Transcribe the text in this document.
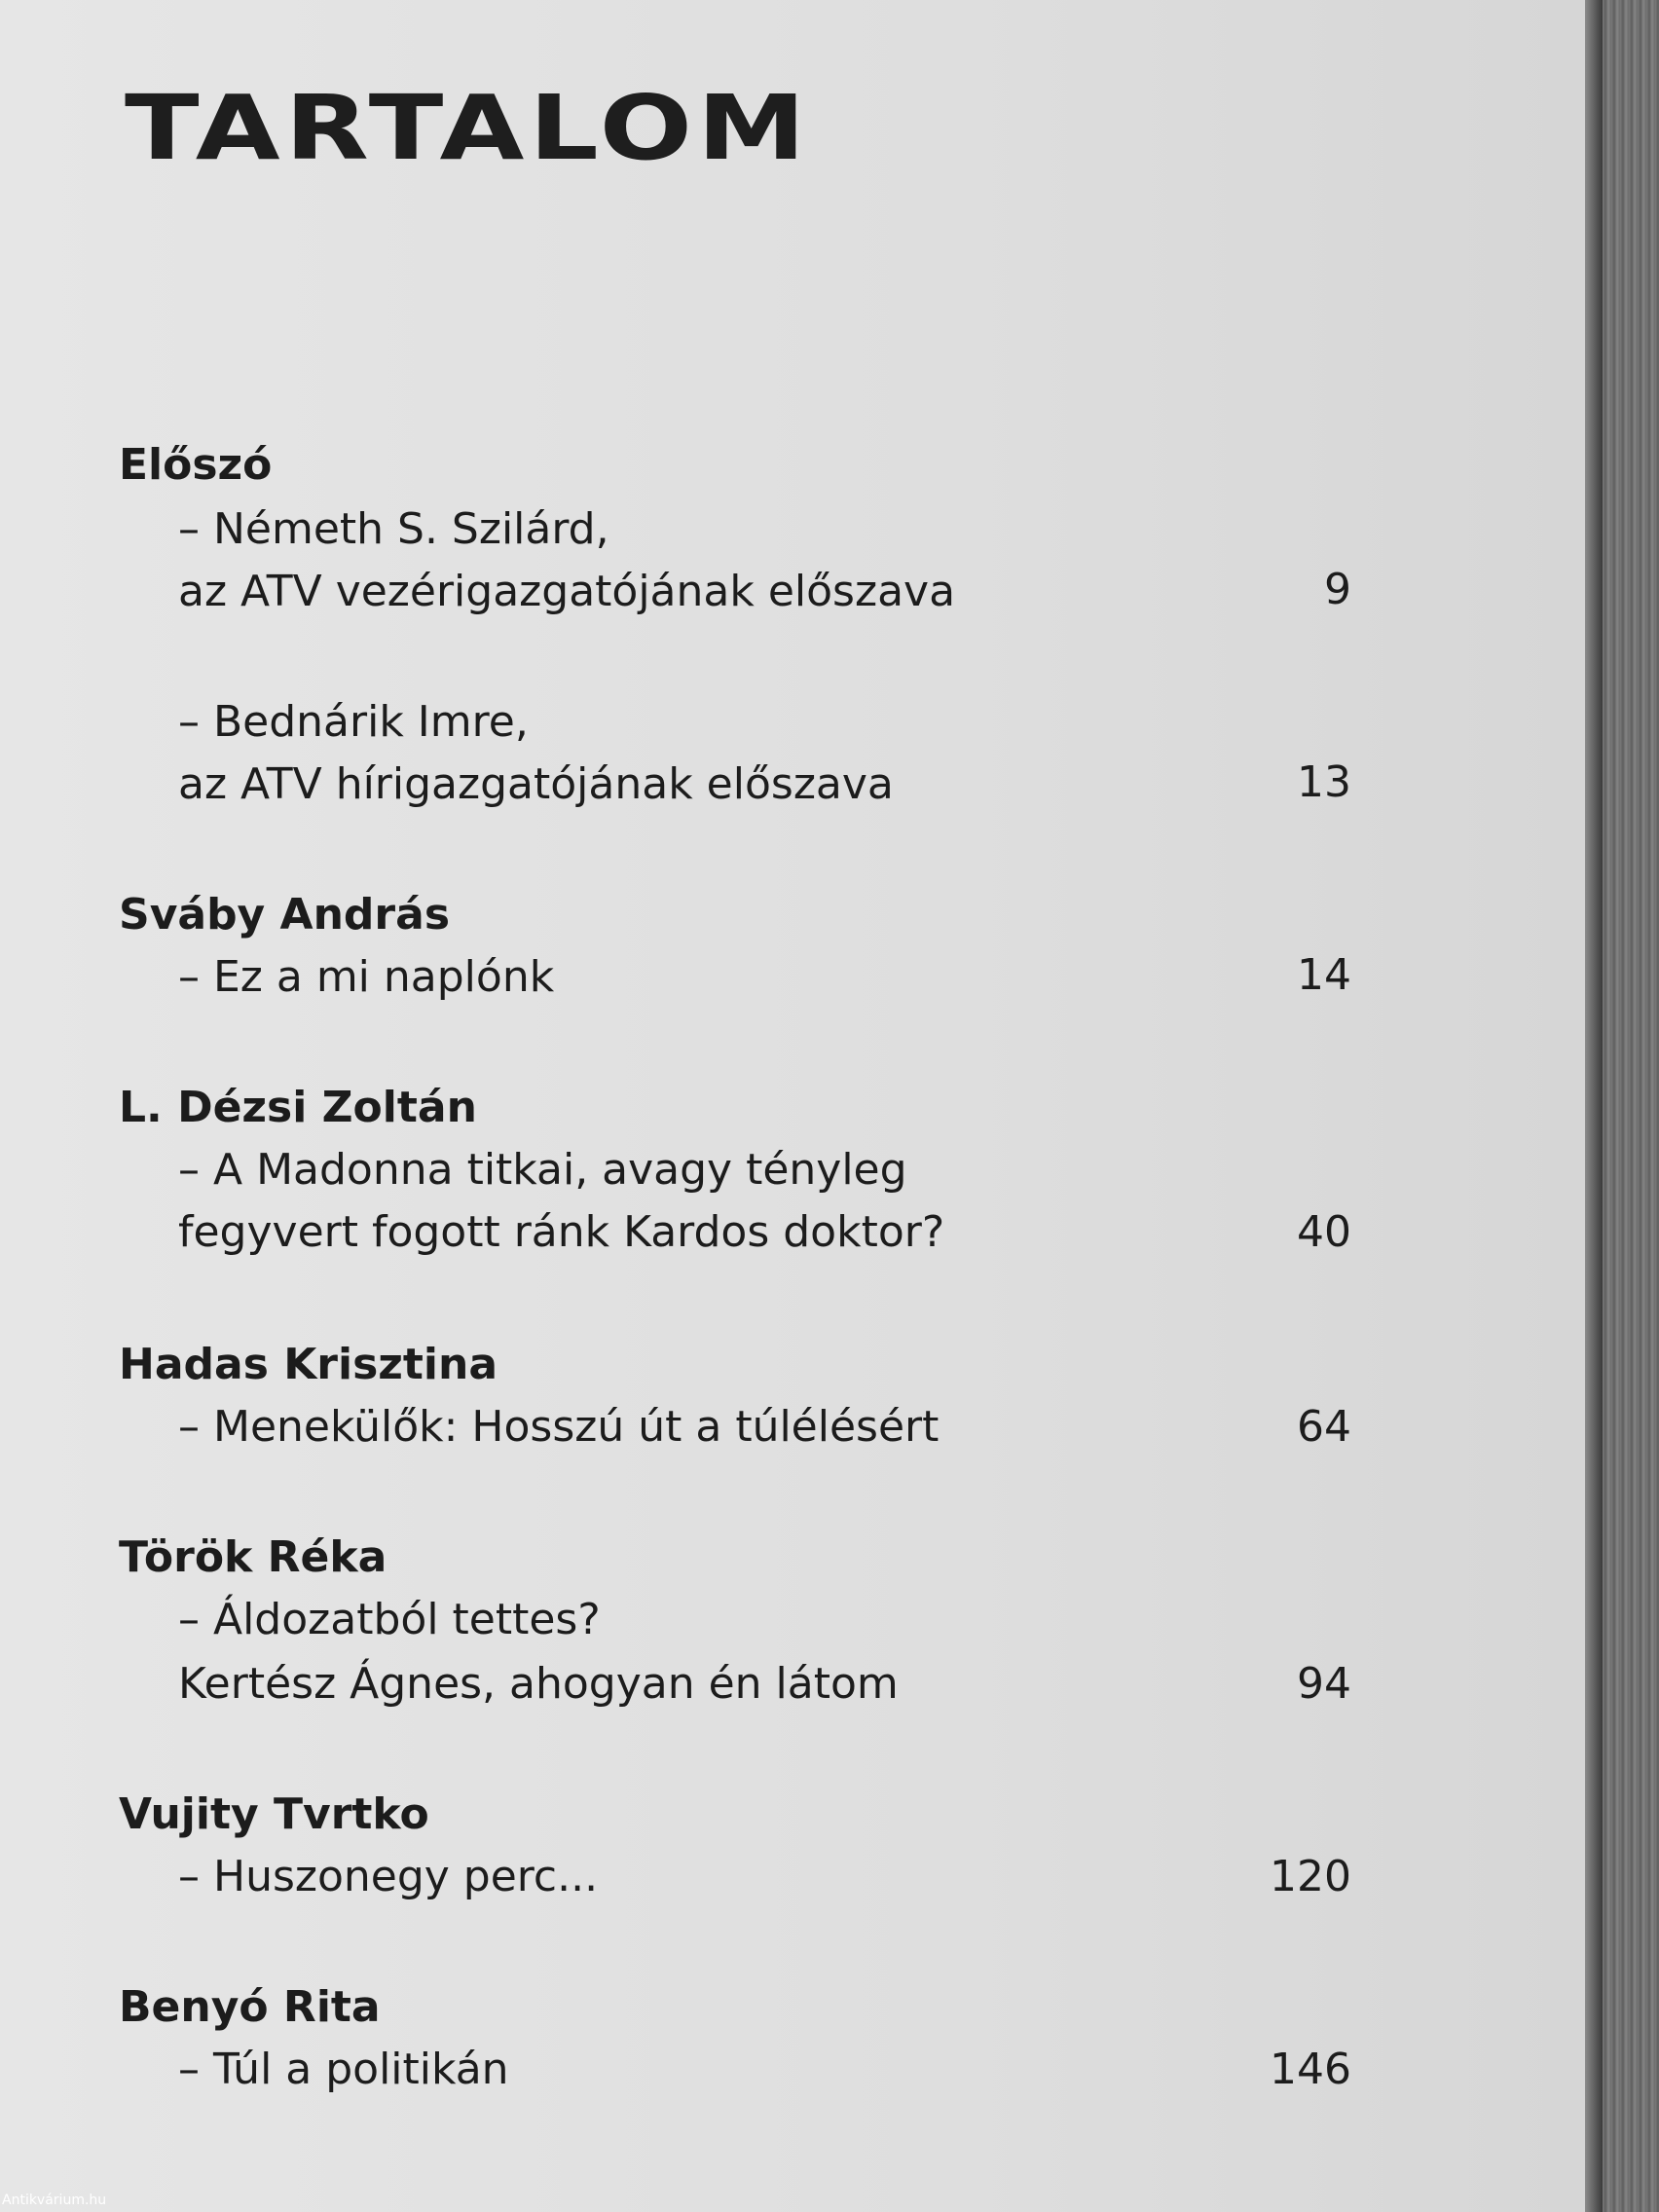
TARTALOM
Előszó
– Németh S. Szilárd,
az ATV vezérigazgatójának előszava	9
– Bednárik Imre,
az ATV hírigazgatójának előszava	13
Sváby András
– Ez a mi naplónk	14
L. Dézsi Zoltán
– A Madonna titkai, avagy tényleg
fegyvert fogott ránk Kardos doktor?	40
Hadas Krisztina
– Menekülők: Hosszú út a túlélésért	64
Török Réka
– Áldozatból tettes?
Kertész Ágnes, ahogyan én látom	94
Vujity Tvrtko
– Huszonegy perc...	120
Benyó Rita
– Túl a politikán	146
Antikvárium.hu
